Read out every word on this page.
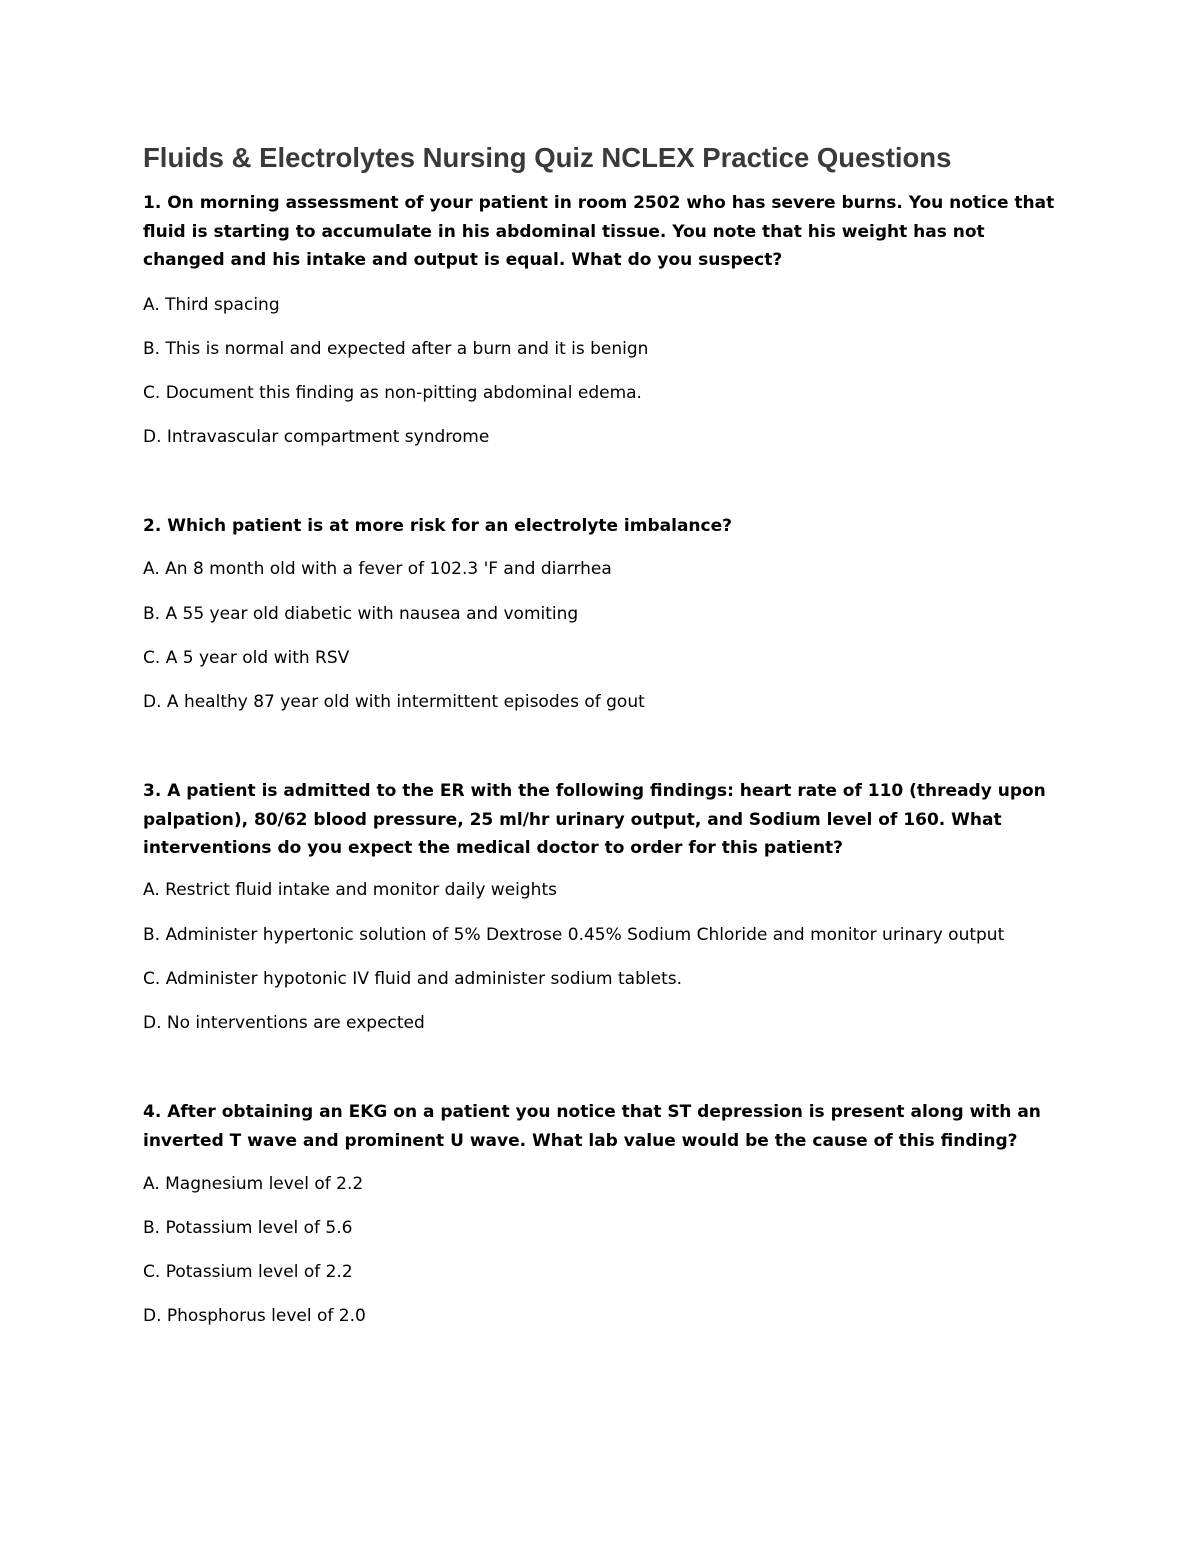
Fluids & Electrolytes Nursing Quiz NCLEX Practice Questions

1. On morning assessment of your patient in room 2502 who has severe burns. You notice that fluid is starting to accumulate in his abdominal tissue. You note that his weight has not changed and his intake and output is equal. What do you suspect?

A. Third spacing

B. This is normal and expected after a burn and it is benign

C. Document this finding as non-pitting abdominal edema.

D. Intravascular compartment syndrome

2. Which patient is at more risk for an electrolyte imbalance?

A. An 8 month old with a fever of 102.3 'F and diarrhea

B. A 55 year old diabetic with nausea and vomiting

C. A 5 year old with RSV

D. A healthy 87 year old with intermittent episodes of gout

3. A patient is admitted to the ER with the following findings: heart rate of 110 (thready upon palpation), 80/62 blood pressure, 25 ml/hr urinary output, and Sodium level of 160. What interventions do you expect the medical doctor to order for this patient?

A. Restrict fluid intake and monitor daily weights

B. Administer hypertonic solution of 5% Dextrose 0.45% Sodium Chloride and monitor urinary output

C. Administer hypotonic IV fluid and administer sodium tablets.

D. No interventions are expected

4. After obtaining an EKG on a patient you notice that ST depression is present along with an inverted T wave and prominent U wave. What lab value would be the cause of this finding?

A. Magnesium level of 2.2

B. Potassium level of 5.6

C. Potassium level of 2.2

D. Phosphorus level of 2.0
